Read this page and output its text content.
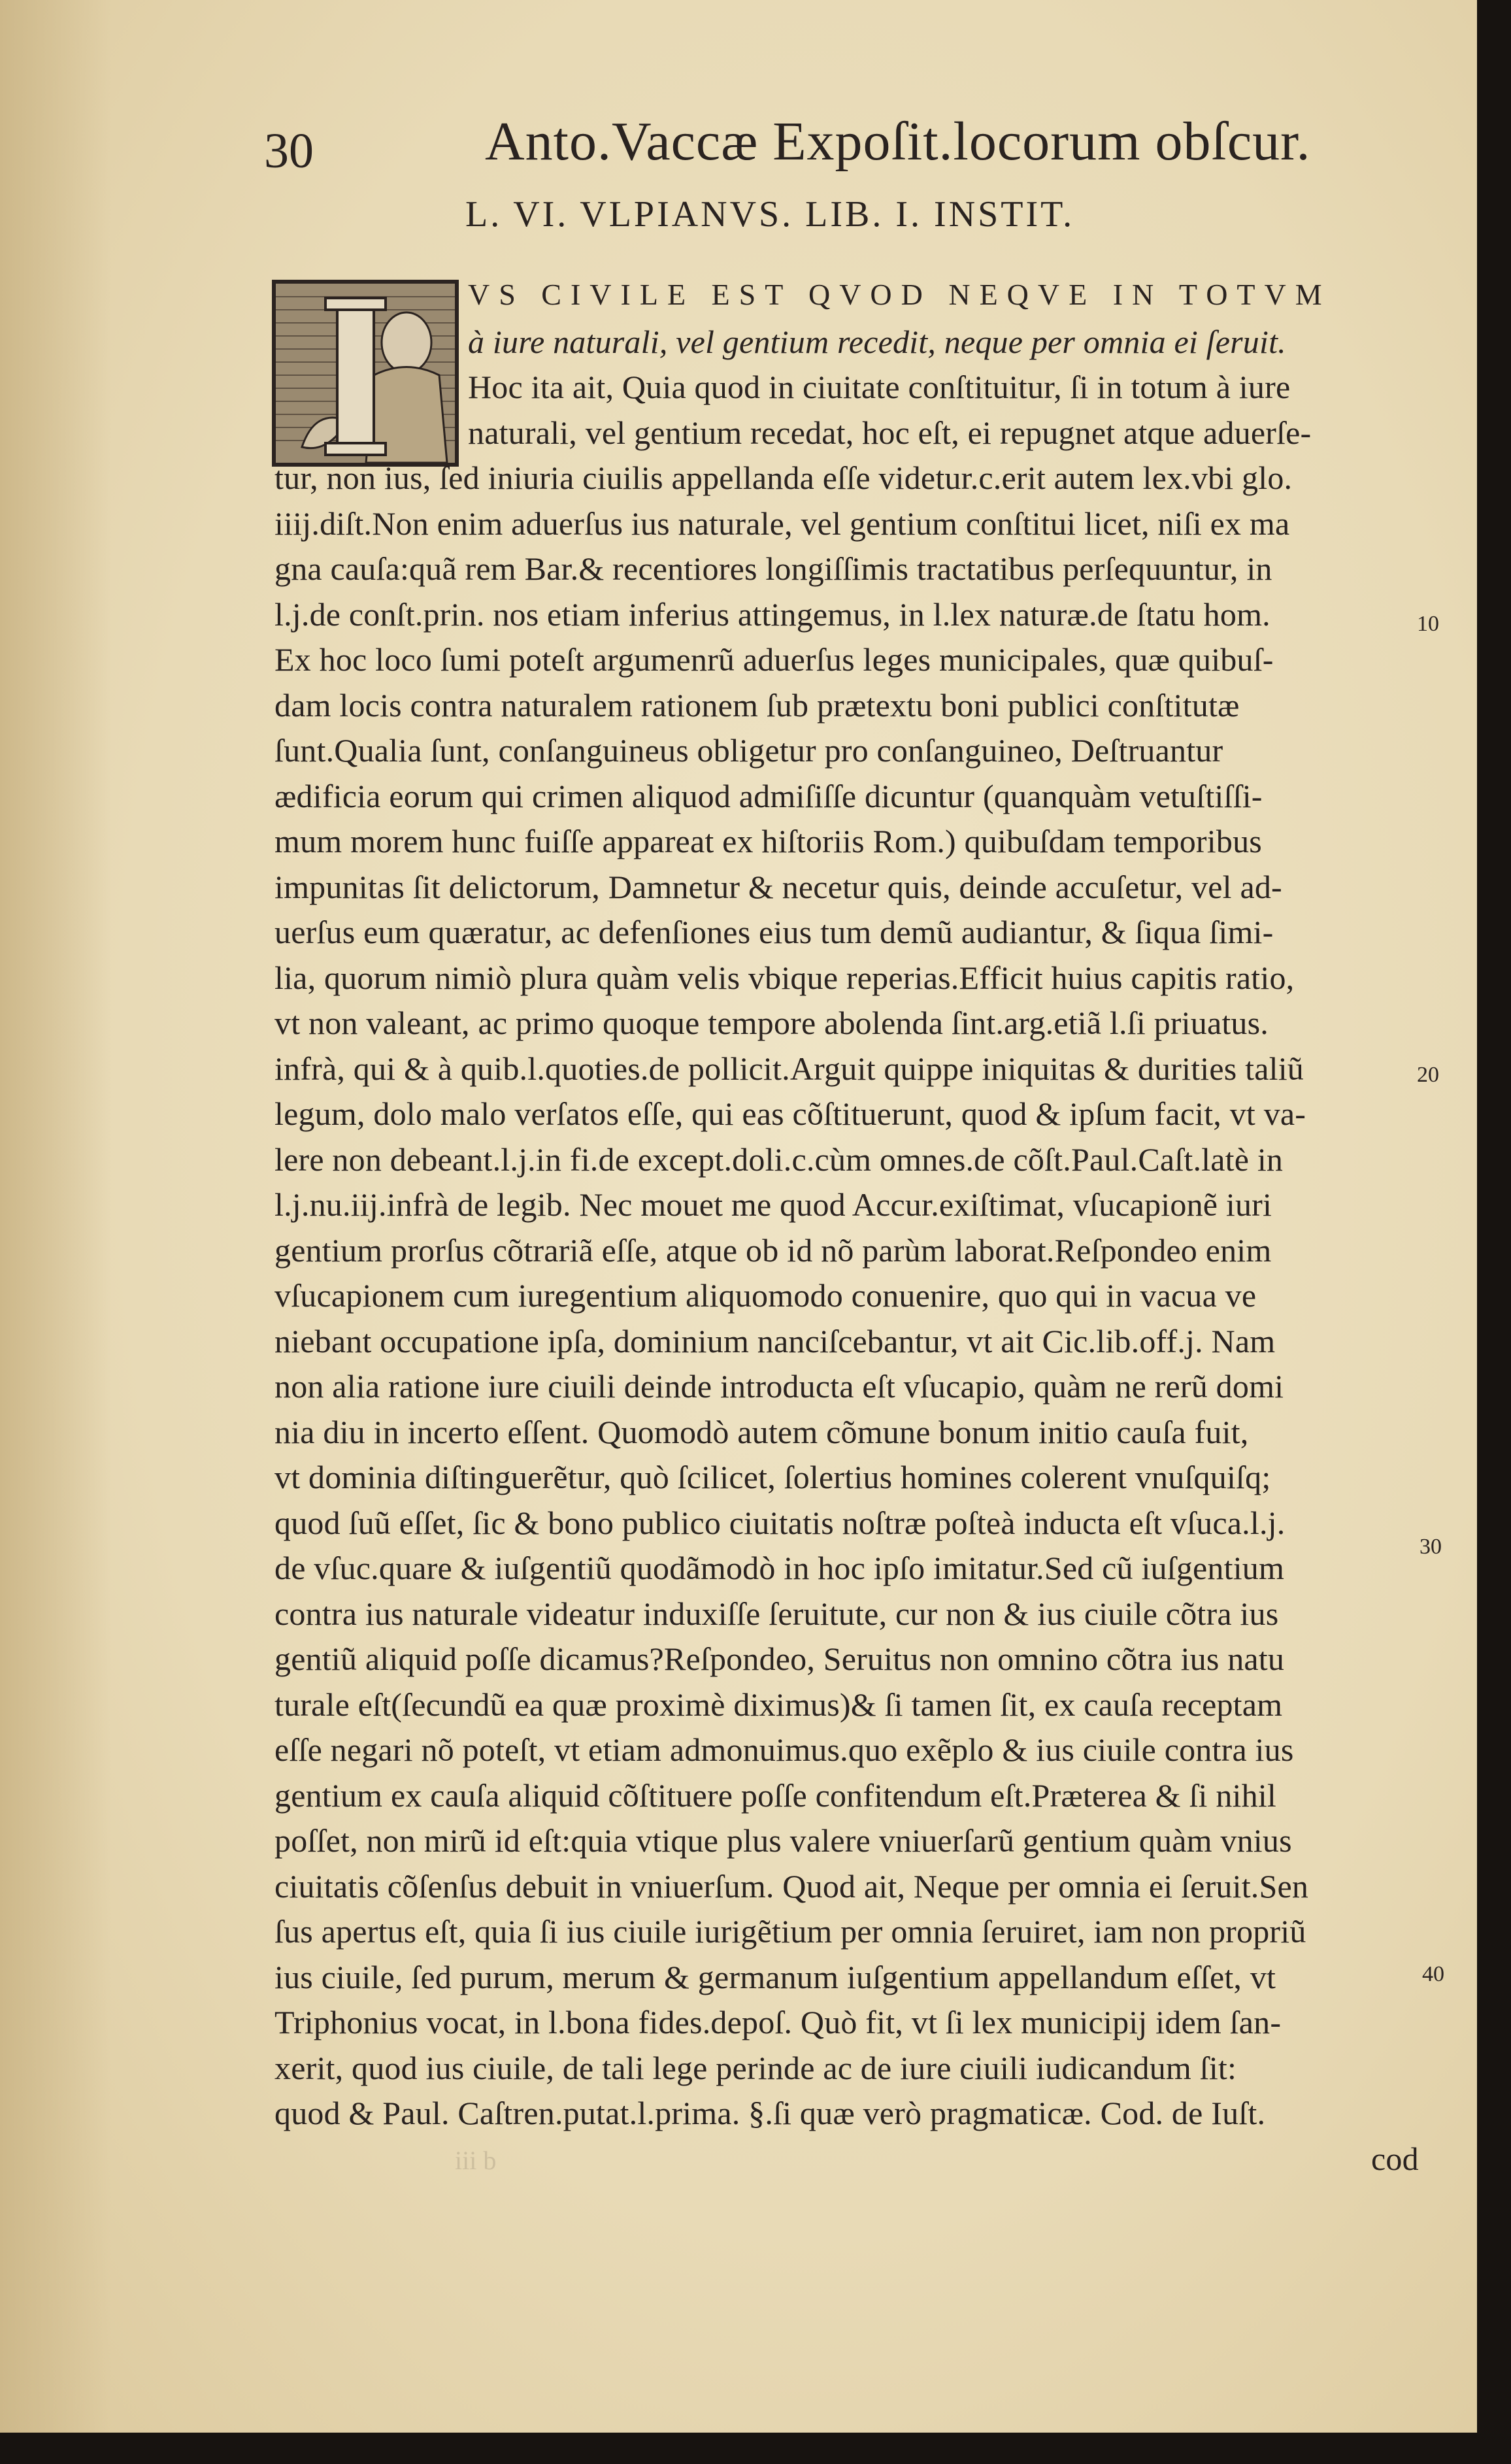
30	Anto.Vaccæ Expoſit.locorum obſcur.
L. VI. VLPIANVS. LIB. I. INSTIT.
VS CIVILE EST QVOD NEQVE IN TOTVM
à iure naturali, vel gentium recedit, neque per omnia ei ſeruit.
Hoc ita ait, Quia quod in ciuitate conſtituitur, ſi in totum à iure
naturali, vel gentium recedat, hoc eſt, ei repugnet atque aduerſe-
tur, non ius, ſed iniuria ciuilis appellanda eſſe videtur.c.erit autem lex.vbi glo.
iiij.diſt.Non enim aduerſus ius naturale, vel gentium conſtitui licet, niſi ex ma
gna cauſa:quã rem Bar.& recentiores longiſſimis tractatibus perſequuntur, in
l.j.de conſt.prin. nos etiam inferius attingemus, in l.lex naturæ.de ſtatu hom.
Ex hoc loco ſumi poteſt argumenrũ aduerſus leges municipales, quæ quibuſ-
dam locis contra naturalem rationem ſub prætextu boni publici conſtitutæ
ſunt.Qualia ſunt, conſanguineus obligetur pro conſanguineo, Deſtruantur
ædificia eorum qui crimen aliquod admiſiſſe dicuntur (quanquàm vetuſtiſſi-
mum morem hunc fuiſſe appareat ex hiſtoriis Rom.) quibuſdam temporibus
impunitas ſit delictorum, Damnetur & necetur quis, deinde accuſetur, vel ad-
uerſus eum quæratur, ac defenſiones eius tum demũ audiantur, & ſiqua ſimi-
lia, quorum nimiò plura quàm velis vbique reperias.Efficit huius capitis ratio,
vt non valeant, ac primo quoque tempore abolenda ſint.arg.etiã l.ſi priuatus.
infrà, qui & à quib.l.quoties.de pollicit.Arguit quippe iniquitas & durities taliũ
legum, dolo malo verſatos eſſe, qui eas cõſtituerunt, quod & ipſum facit, vt va-
lere non debeant.l.j.in fi.de except.doli.c.cùm omnes.de cõſt.Paul.Caſt.latè in
l.j.nu.iij.infrà de legib. Nec mouet me quod Accur.exiſtimat, vſucapionẽ iuri
gentium prorſus cõtrariã eſſe, atque ob id nõ parùm laborat.Reſpondeo enim
vſucapionem cum iuregentium aliquomodo conuenire, quo qui in vacua ve
niebant occupatione ipſa, dominium nanciſcebantur, vt ait Cic.lib.off.j. Nam
non alia ratione iure ciuili deinde introducta eſt vſucapio, quàm ne rerũ domi
nia diu in incerto eſſent. Quomodò autem cõmune bonum initio cauſa fuit,
vt dominia diſtinguerẽtur, quò ſcilicet, ſolertius homines colerent vnuſquiſq;
quod ſuũ eſſet, ſic & bono publico ciuitatis noſtræ poſteà inducta eſt vſuca.l.j.
de vſuc.quare & iuſgentiũ quodãmodò in hoc ipſo imitatur.Sed cũ iuſgentium
contra ius naturale videatur induxiſſe ſeruitute, cur non & ius ciuile cõtra ius
gentiũ aliquid poſſe dicamus?Reſpondeo, Seruitus non omnino cõtra ius natu
turale eſt(ſecundũ ea quæ proximè diximus)& ſi tamen ſit, ex cauſa receptam
eſſe negari nõ poteſt, vt etiam admonuimus.quo exẽplo & ius ciuile contra ius
gentium ex cauſa aliquid cõſtituere poſſe confitendum eſt.Præterea & ſi nihil
poſſet, non mirũ id eſt:quia vtique plus valere vniuerſarũ gentium quàm vnius
ciuitatis cõſenſus debuit in vniuerſum. Quod ait, Neque per omnia ei ſeruit.Sen
ſus apertus eſt, quia ſi ius ciuile iurigẽtium per omnia ſeruiret, iam non propriũ
ius ciuile, ſed purum, merum & germanum iuſgentium appellandum eſſet, vt
Triphonius vocat, in l.bona fides.depoſ. Quò fit, vt ſi lex municipij idem ſan-
xerit, quod ius ciuile, de tali lege perinde ac de iure ciuili iudicandum ſit:
quod & Paul. Caſtren.putat.l.prima. §.ſi quæ verò pragmaticæ. Cod. de Iuſt.
cod
10
20
30
40
iii b
